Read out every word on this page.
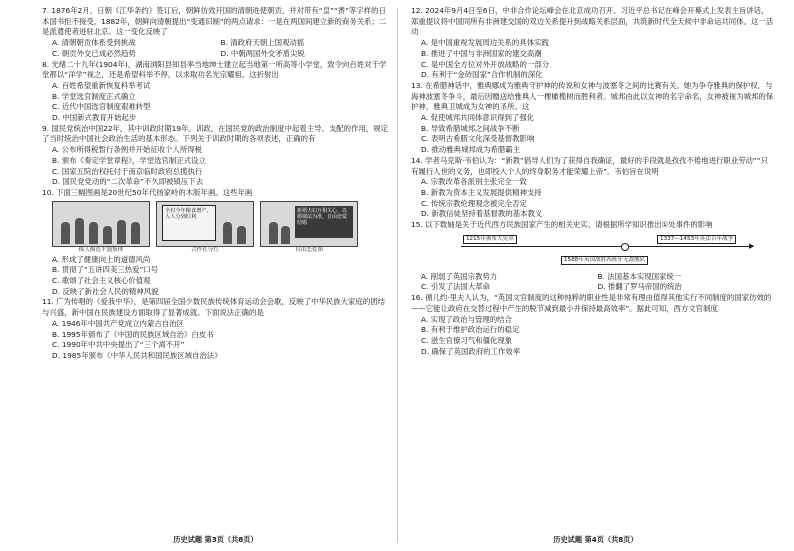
7. 1876年2月，日朝《江华条约》签订后，朝鲜仿效开国的清朝进使朝贡，并对带有“皇”“赉”等字样的日本国书拒不接受。1882年，朝鲜向清朝提出“变通旧制”的两点请求：一是在两国间建立新的商务关系；二是派遣使者进驻北京。这一变化反映了

A. 清朝朝贡体系受到挑战	B. 清政府天朝上国观动摇

C. 朝贡外交已成必然趋势	D. 中朝两国外交矛盾尖锐

8. 光绪二十九年(1904年)，湖南浏阳县知县率当地绅士建立起当地第一所高等小学堂，致令向百姓对于学堂都以“洋学”视之，还是希望科举不停，以求取功名光宗耀祖。这折射出

A. 百姓希望重新恢复科举考试

B. 学堂选官制度正式确立

C. 近代中国选官制度艰难转型

D. 中国新式教育开始起步

9. 国民党统治中国22年，其中训政时期19年。训政，在国民党的政治制度中起着主导、支配的作用，规定了当时统治中国社会政治生活的基本形态。下列关于训政时期的各项表述，正确的有

A. 公布所得税暂行条例并开始征收个人所得税

B. 颁布《奏定学堂章程》，学堂选官制正式设立

C. 国家五院治权托付于南京临时政府总揽执行

D. 国民党党动的“二次革命”不久即被镇压下去

10. 下面三幅图画是20世纪50年代扬家岭的木版年画。这些年画

模人模范平盛集体
全村今年粮食增产，人人分到红利
合作社分红
新婚夫妇互相关心，以婚姻法为准，自由恋爱结婚
自由恋爱图

A. 形成了健康向上的道德风尚

B. 贯彻了“五讲四美三热爱”口号

C. 歌颂了社会主义核心价值观

D. 反映了新社会人民的精神风貌

11. 广为传唱的《爱我中华》，是第四届全国少数民族传统体育运动会会歌，反映了中华民族大家庭的团结与兴盛，新中国在民族建设方面取得了显著成就。下面说法正确的是

A. 1946年中国共产党成立内蒙古自治区

B. 1995年颁布了《中国的民族区域自治》白皮书

C. 1990年中共中央提出了“三个离不开”

D. 1985年颁布《中华人民共和国民族区域自治法》

历史试题 第3页（共8页）

12. 2024年9月4日至6日，中非合作论坛峰会在北京成功召开。习近平总书记在峰会开幕式上发表主旨讲话，郑重提议将中国同所有非洲建交国的双边关系提升到战略关系层面，共筑新时代全天候中非命运共同体。这一活动

A. 是中国重视发展周边关系的具体实践

B. 推进了中国与非洲国家的建交高潮

C. 是中国全方位对外开放战略的一部分

D. 有利于“金砖国家”合作机制的深化

13. 在希腊神话中，雅典娜成为雅典守护神的传说和女神与波塞冬之间的比赛有关。她为争夺雅典的保护权，与海神波塞冬争斗，最后因赠送给雅典人一棵橄榄树而胜利者。城邦由此以女神的名字命名，女神被视为城邦的保护神，雅典卫城成为女神的圣所。这

A. 促使城邦共同体意识得到了强化

B. 导致希腊城邦之间战争不断

C. 表明古希腊文化深受基督教影响

D. 推动雅典城邦成为希腊霸主

14. 学者马克斯·韦伯认为：“新教”倡导人们为了获得自我确证，最好的手段就是孜孜不倦地进行职业劳动”“只有履行人世的义务，也即投入个人的终身职务才能荣耀上帝”。韦伯旨在说明

A. 宗教改革各派别主张完全一致

B. 新教为资本主义发展提供精神支持

C. 传统宗教伦理观念被完全否定

D. 新教信徒坚持着基督教的基本教义

15. 以下数轴是关于近代西方民族国家产生的相关史实。请根据所学知识推出①处事件的影响

▶
1215年颁布大宪章	1337—1453年英法百年战争
1588年英国战胜西班牙无敌舰队

A. 削弱了英国宗教势力	B. 法国基本实现国家统一

C. 引发了法国大革命	D. 推翻了罗马帝国的统治

16. 循儿约·里夫人认为，“英国文官制度的这种纯粹的职业性是非常有理由值得其他实行不同制度的国家仿效的——它能让政府在交替过程中产生的脱节减到最小并保持最高效率”。据此可知，西方文官制度

A. 实现了政治与管理的结合

B. 有利于维护政治运行的稳定

C. 滋生官僚习气和僵化现象

D. 确保了英国政府的工作效率

历史试题 第4页（共8页）
